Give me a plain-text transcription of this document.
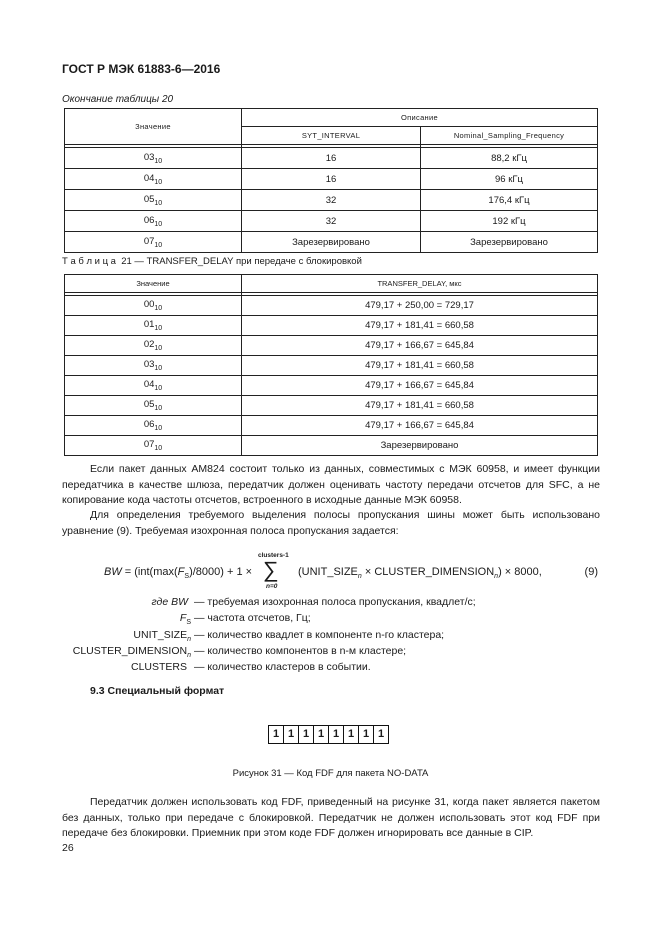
ГОСТ Р МЭК 61883-6—2016
Окончание таблицы 20
Значение	Описание	
	SYT_INTERVAL	Nominal_Sampling_Frequency

$03_{10}$	16	88,2 кГц
$04_{10}$	16	96 кГц
$05_{10}$	32	176,4 кГц
$06_{10}$	32	192 кГц
$07_{10}$	Зарезервировано	Зарезервировано
Т а б л и ц а  21 — TRANSFER_DELAY при передаче с блокировкой
Значение	TRANSFER_DELAY, мкс

$00_{10}$	479,17 + 250,00 = 729,17
$01_{10}$	479,17 + 181,41 = 660,58
$02_{10}$	479,17 + 166,67 = 645,84
$03_{10}$	479,17 + 181,41 = 660,58
$04_{10}$	479,17 + 166,67 = 645,84
$05_{10}$	479,17 + 181,41 = 660,58
$06_{10}$	479,17 + 166,67 = 645,84
$07_{10}$	Зарезервировано
Если пакет данных AM824 состоит только из данных, совместимых с МЭК 60958, и имеет функции передатчика в качестве шлюза, передатчик должен оценивать частоту передачи отсчетов для SFC, а не копирование кода частоты отсчетов, встроенного в исходные данные МЭК 60958.
Для определения требуемого выделения полосы пропускания шины может быть использовано уравнение (9). Требуемая изохронная полоса пропускания задается:
BW = ($int(\max(F_S)/8000) + 1$ ×
clusters-1
∑
n=0
($UNIT\_SIZE_n$ × $CLUSTER\_DIMENSION_n) \times 8000$,	(9)
где BW — требуемая изохронная полоса пропускания, квадлет/с;
$F_S$ — частота отсчетов, Гц;
$UNIT\_SIZE_n$ — количество квадлет в компоненте n-го кластера;
$CLUSTER\_DIMENSION_n$ — количество компонентов в n-м кластере;
CLUSTERS — количество кластеров в событии.
9.3 Специальный формат
1 1 1 1 1 1 1 1
Рисунок 31 — Код FDF для пакета NO-DATA
Передатчик должен использовать код FDF, приведенный на рисунке 31, когда пакет является пакетом без данных, только при передаче с блокировкой. Передатчик не должен использовать этот код FDF при передаче без блокировки. Приемник при этом коде FDF должен игнорировать все данные в CIP.
26
